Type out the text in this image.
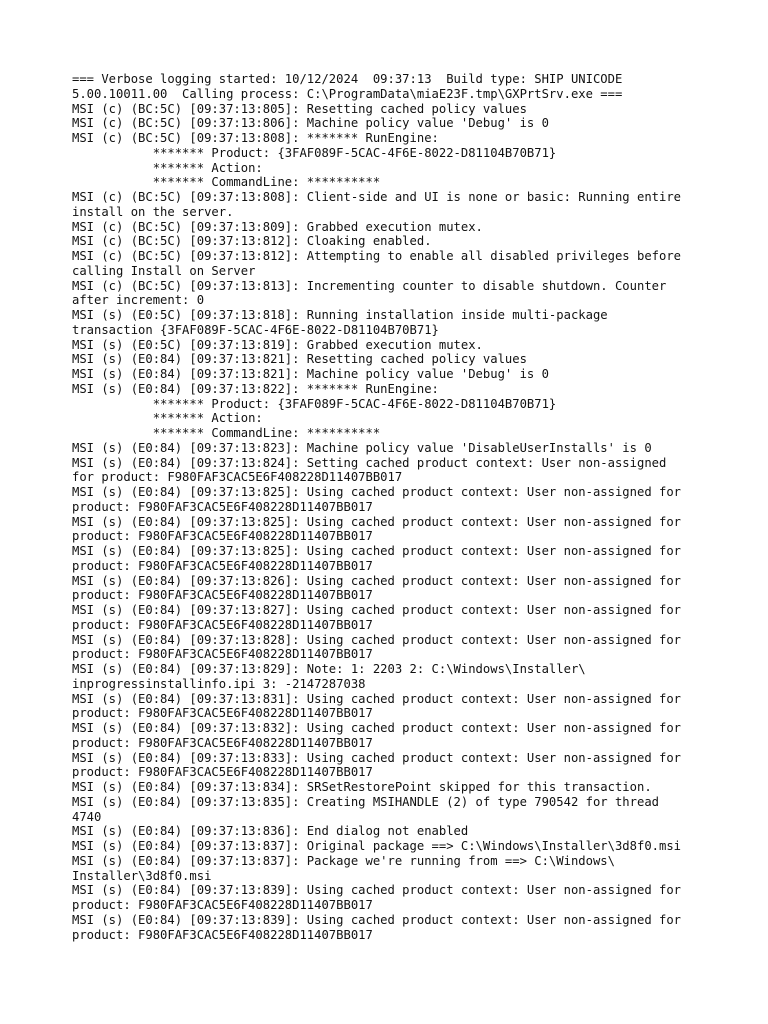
=== Verbose logging started: 10/12/2024  09:37:13  Build type: SHIP UNICODE
5.00.10011.00  Calling process: C:\ProgramData\miaE23F.tmp\GXPrtSrv.exe ===
MSI (c) (BC:5C) [09:37:13:805]: Resetting cached policy values
MSI (c) (BC:5C) [09:37:13:806]: Machine policy value 'Debug' is 0
MSI (c) (BC:5C) [09:37:13:808]: ******* RunEngine:
******* Product: {3FAF089F-5CAC-4F6E-8022-D81104B70B71}
******* Action:
******* CommandLine: **********
MSI (c) (BC:5C) [09:37:13:808]: Client-side and UI is none or basic: Running entire
install on the server.
MSI (c) (BC:5C) [09:37:13:809]: Grabbed execution mutex.
MSI (c) (BC:5C) [09:37:13:812]: Cloaking enabled.
MSI (c) (BC:5C) [09:37:13:812]: Attempting to enable all disabled privileges before
calling Install on Server
MSI (c) (BC:5C) [09:37:13:813]: Incrementing counter to disable shutdown. Counter
after increment: 0
MSI (s) (E0:5C) [09:37:13:818]: Running installation inside multi-package
transaction {3FAF089F-5CAC-4F6E-8022-D81104B70B71}
MSI (s) (E0:5C) [09:37:13:819]: Grabbed execution mutex.
MSI (s) (E0:84) [09:37:13:821]: Resetting cached policy values
MSI (s) (E0:84) [09:37:13:821]: Machine policy value 'Debug' is 0
MSI (s) (E0:84) [09:37:13:822]: ******* RunEngine:
******* Product: {3FAF089F-5CAC-4F6E-8022-D81104B70B71}
******* Action:
******* CommandLine: **********
MSI (s) (E0:84) [09:37:13:823]: Machine policy value 'DisableUserInstalls' is 0
MSI (s) (E0:84) [09:37:13:824]: Setting cached product context: User non-assigned
for product: F980FAF3CAC5E6F408228D11407BB017
MSI (s) (E0:84) [09:37:13:825]: Using cached product context: User non-assigned for
product: F980FAF3CAC5E6F408228D11407BB017
MSI (s) (E0:84) [09:37:13:825]: Using cached product context: User non-assigned for
product: F980FAF3CAC5E6F408228D11407BB017
MSI (s) (E0:84) [09:37:13:825]: Using cached product context: User non-assigned for
product: F980FAF3CAC5E6F408228D11407BB017
MSI (s) (E0:84) [09:37:13:826]: Using cached product context: User non-assigned for
product: F980FAF3CAC5E6F408228D11407BB017
MSI (s) (E0:84) [09:37:13:827]: Using cached product context: User non-assigned for
product: F980FAF3CAC5E6F408228D11407BB017
MSI (s) (E0:84) [09:37:13:828]: Using cached product context: User non-assigned for
product: F980FAF3CAC5E6F408228D11407BB017
MSI (s) (E0:84) [09:37:13:829]: Note: 1: 2203 2: C:\Windows\Installer\
inprogressinstallinfo.ipi 3: -2147287038
MSI (s) (E0:84) [09:37:13:831]: Using cached product context: User non-assigned for
product: F980FAF3CAC5E6F408228D11407BB017
MSI (s) (E0:84) [09:37:13:832]: Using cached product context: User non-assigned for
product: F980FAF3CAC5E6F408228D11407BB017
MSI (s) (E0:84) [09:37:13:833]: Using cached product context: User non-assigned for
product: F980FAF3CAC5E6F408228D11407BB017
MSI (s) (E0:84) [09:37:13:834]: SRSetRestorePoint skipped for this transaction.
MSI (s) (E0:84) [09:37:13:835]: Creating MSIHANDLE (2) of type 790542 for thread
4740
MSI (s) (E0:84) [09:37:13:836]: End dialog not enabled
MSI (s) (E0:84) [09:37:13:837]: Original package ==> C:\Windows\Installer\3d8f0.msi
MSI (s) (E0:84) [09:37:13:837]: Package we're running from ==> C:\Windows\
Installer\3d8f0.msi
MSI (s) (E0:84) [09:37:13:839]: Using cached product context: User non-assigned for
product: F980FAF3CAC5E6F408228D11407BB017
MSI (s) (E0:84) [09:37:13:839]: Using cached product context: User non-assigned for
product: F980FAF3CAC5E6F408228D11407BB017
